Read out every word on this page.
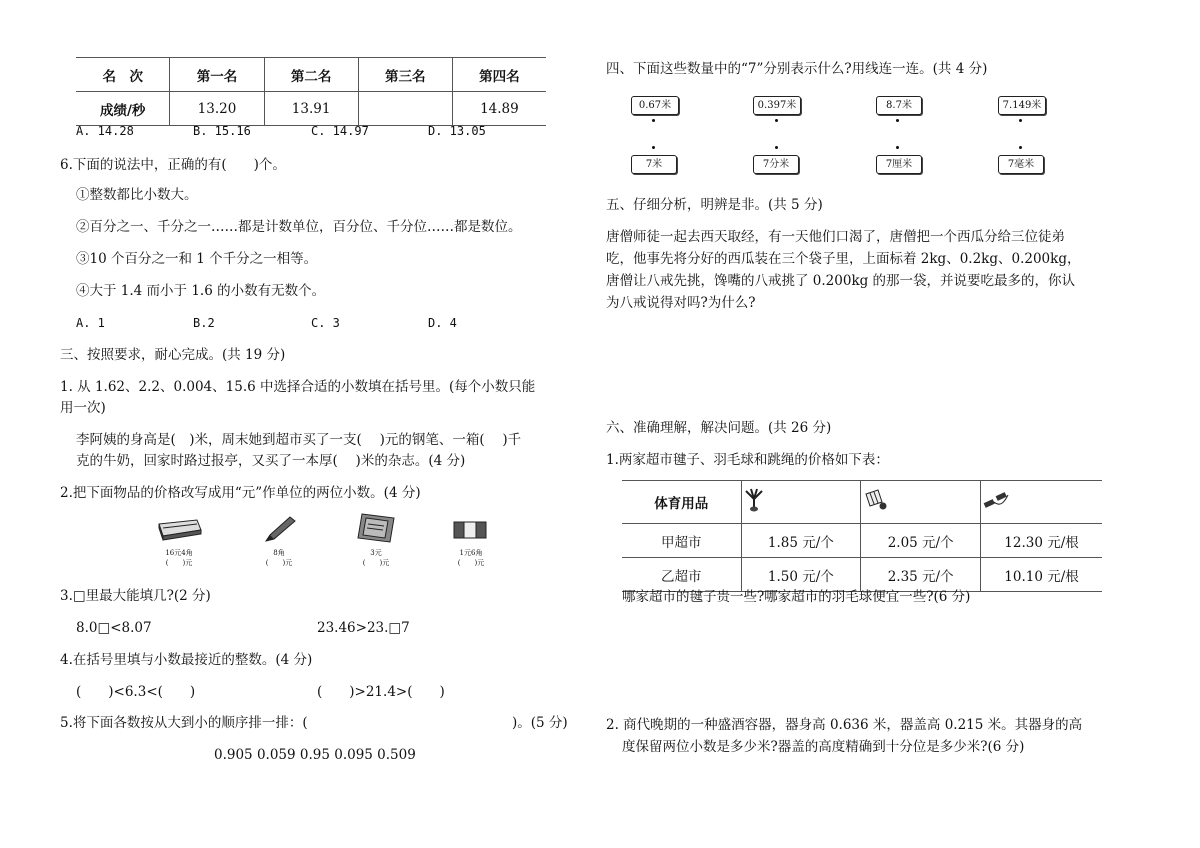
名　次	第一名	第二名	第三名	第四名
成绩/秒	13.20	13.91		14.89
A. 14.28	B. 15.16	C. 14.97	D. 13.05
6.下面的说法中，正确的有(　　)个。
①整数都比小数大。
②百分之一、千分之一……都是计数单位，百分位、千分位……都是数位。
③10 个百分之一和 1 个千分之一相等。
④大于 1.4 而小于 1.6 的小数有无数个。
A. 1	B.2	C. 3	D. 4
三、按照要求，耐心完成。(共 19 分)
1. 从 1.62、2.2、0.004、15.6 中选择合适的小数填在括号里。(每个小数只能
用一次)
李阿姨的身高是(　)米，周末她到超市买了一支(　 )元的钢笔、一箱(　 )千
克的牛奶，回家时路过报亭，又买了一本厚(　 )米的杂志。(4 分)
2.把下面物品的价格改写成用“元”作单位的两位小数。(4 分)
16元4角
(　　)元
8角
(　　)元
3元
(　　)元
1元6角
(　　)元
3.□里最大能填几?(2 分)
8.0□<8.07	23.46>23.□7
4.在括号里填与小数最接近的整数。(4 分)
(　　)<6.3<(　　)	(　　)>21.4>(　　)
5.将下面各数按从大到小的顺序排一排：(	)。(5 分)
0.905 0.059 0.95 0.095 0.509
四、下面这些数量中的“7”分别表示什么?用线连一连。(共 4 分)
0.67米	0.397米	8.7米	7.149米
7米	7分米	7厘米	7毫米
五、仔细分析，明辨是非。(共 5 分)
唐僧师徒一起去西天取经，有一天他们口渴了，唐僧把一个西瓜分给三位徒弟
吃，他事先将分好的西瓜装在三个袋子里，上面标着 2kg、0.2kg、0.200kg，
唐僧让八戒先挑，馋嘴的八戒挑了 0.200kg 的那一袋，并说要吃最多的，你认
为八戒说得对吗?为什么?
六、准确理解，解决问题。(共 26 分)
1.两家超市毽子、羽毛球和跳绳的价格如下表：
体育用品			
甲超市	1.85 元/个	2.05 元/个	12.30 元/根
乙超市	1.50 元/个	2.35 元/个	10.10 元/根
哪家超市的毽子贵一些?哪家超市的羽毛球便宜一些?(6 分)
2. 商代晚期的一种盛酒容器，器身高 0.636 米，器盖高 0.215 米。其器身的高
度保留两位小数是多少米?器盖的高度精确到十分位是多少米?(6 分)
